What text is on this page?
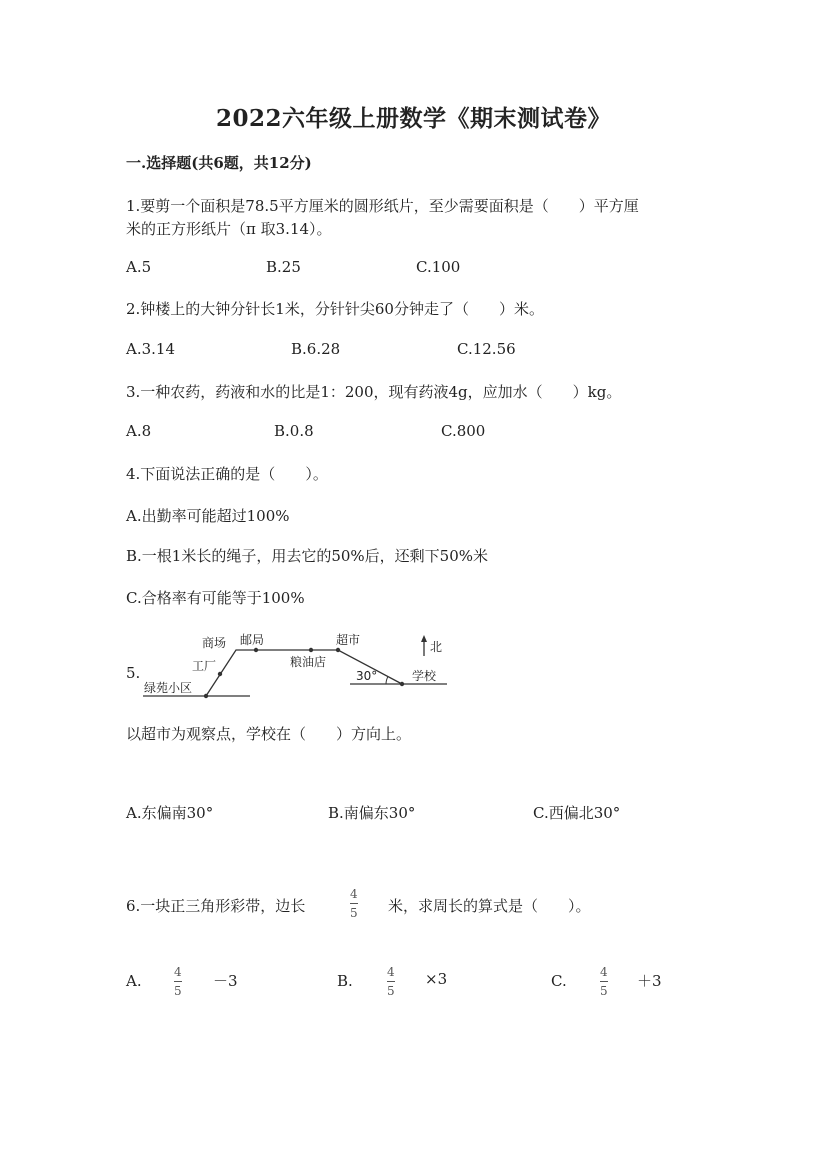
2022六年级上册数学《期末测试卷》
一.选择题(共6题，共12分)
1.要剪一个面积是78.5平方厘米的圆形纸片，至少需要面积是（　　）平方厘
米的正方形纸片（π 取3.14）。
A.5	B.25	C.100
2.钟楼上的大钟分针长1米，分针针尖60分钟走了（　　）米。
A.3.14	B.6.28	C.12.56
3.一种农药，药液和水的比是1：200，现有药液4g，应加水（　　）kg。
A.8	B.0.8	C.800
4.下面说法正确的是（　　）。
A.出勤率可能超过100%
B.一根1米长的绳子，用去它的50%后，还剩下50%米
C.合格率有可能等于100%
5.
商场 邮局	超市	北
工厂	粮油店
学校
30°
绿苑小区
以超市为观察点，学校在（　　）方向上。
A.东偏南30°	B.南偏东30°	C.西偏北30°
6.一块正三角形彩带，边长
4
5 米，求周长的算式是（　　）。
A.	4
5
－3	B.	4
5
×3	C.	4
5
＋3
